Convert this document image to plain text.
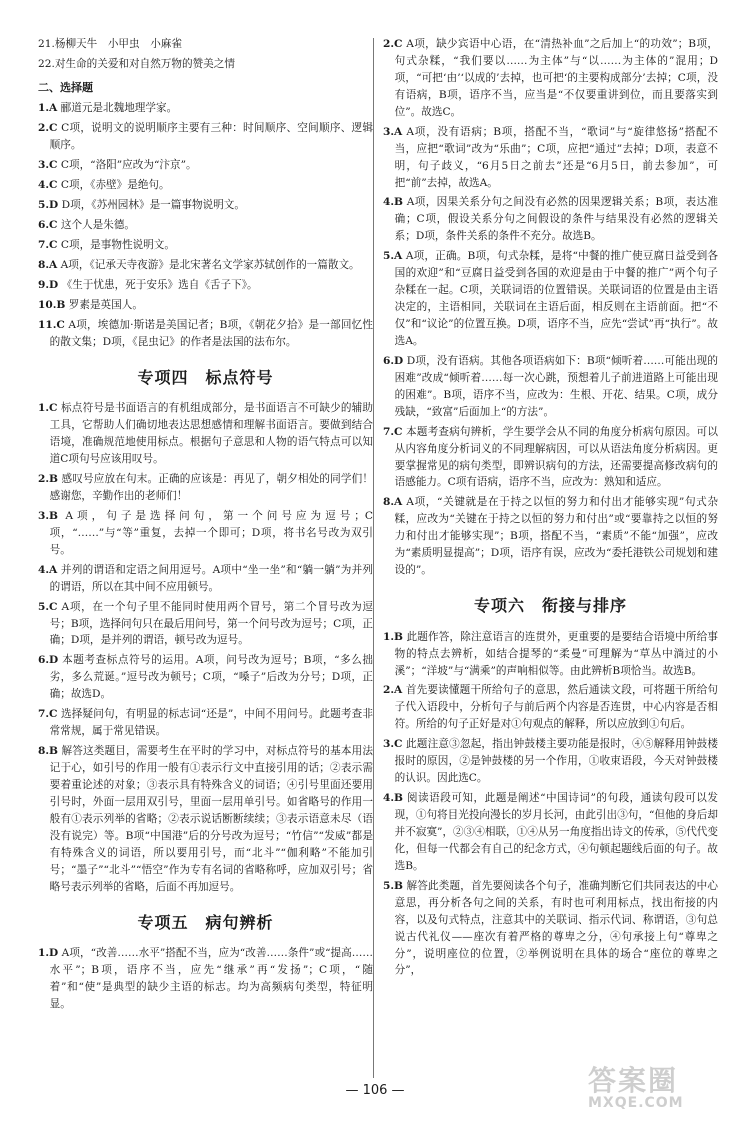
21.杨柳天牛　小甲虫　小麻雀

22.对生命的关爱和对自然万物的赞美之情

二、选择题

1.A 郦道元是北魏地理学家。

2.C C项，说明文的说明顺序主要有三种：时间顺序、空间顺序、逻辑顺序。

3.C C项，“洛阳”应改为“汴京”。

4.C C项，《赤壁》是绝句。

5.D D项，《苏州园林》是一篇事物说明文。

6.C 这个人是朱德。

7.C C项，是事物性说明文。

8.A A项，《记承天寺夜游》是北宋著名文学家苏轼创作的一篇散文。

9.D 《生于忧患，死于安乐》选自《舌子下》。

10.B 罗素是英国人。

11.C A项，埃德加·斯诺是美国记者；B项，《朝花夕拾》是一部回忆性的散文集；D项，《昆虫记》的作者是法国的法布尔。

专项四　标点符号

1.C 标点符号是书面语言的有机组成部分，是书面语言不可缺少的辅助工具，它帮助人们确切地表达思想感情和理解书面语言。要做到结合语境，准确规范地使用标点。根据句子意思和人物的语气特点可以知道C项句号应该用叹号。

2.B 感叹号应放在句末。正确的应该是：再见了，朝夕相处的同学们！感谢您，辛勤作出的老师们！

3.B A项，句子是选择问句，第一个问号应为逗号；C项，“……”与“等”重复，去掉一个即可；D项，将书名号改为双引号。

4.A 并列的谓语和定语之间用逗号。A项中“坐一坐”和“躺一躺”为并列的谓语，所以在其中间不应用顿号。

5.C A项，在一个句子里不能同时使用两个冒号，第二个冒号改为逗号；B项，选择问句只在最后用问号，第一个问号改为逗号；C项，正确；D项，是并列的谓语，顿号改为逗号。

6.D 本题考查标点符号的运用。A项，问号改为逗号；B项，“多么拙劣，多么荒诞。”逗号改为顿号；C项，“嗓子”后改为分号；D项，正确；故选D。

7.C 选择疑问句，有明显的标志词“还是”，中间不用问号。此题考查非常常规，属于常见错误。

8.B 解答这类题目，需要考生在平时的学习中，对标点符号的基本用法记于心，如引号的作用一般有①表示行文中直接引用的话；②表示需要着重论述的对象；③表示具有特殊含义的词语；④引号里面还要用引号时，外面一层用双引号，里面一层用单引号。如省略号的作用一般有①表示列举的省略；②表示说话断断续续；③表示语意未尽（语没有说完）等。B项“中国港”后的分号改为逗号；“竹信”“发威”都是有特殊含义的词语，所以要用引号，而“北斗”“伽利略”不能加引号；“墨子”“北斗”“悟空”作为专有名词的省略称呼，应加双引号；省略号表示列举的省略，后面不再加逗号。

专项五　病句辨析

1.D A项，“改善……水平”搭配不当，应为“改善……条件”或“提高……水平”；B项，语序不当，应先“继承”再“发扬”；C项，“随着”和“使”是典型的缺少主语的标志。均为高频病句类型，特征明显。

2.C A项，缺少宾语中心语，在“清热补血”之后加上“的功效”；B项，句式杂糅，“我们要以……为主体”与“以……为主体的”混用；D项，“可把‘由’‘以成的’去掉，也可把‘的主要构成部分’去掉；C项，没有语病，B项，语序不当，应当是“不仅要重讲到位，而且要落实到位”。故选C。

3.A A项，没有语病；B项，搭配不当，“歌词”与“旋律悠扬”搭配不当，应把“歌词”改为“乐曲”；C项，应把“通过”去掉；D项，表意不明，句子歧义，“6月5日之前去”还是“6月5日，前去参加”，可把“前”去掉，故选A。

4.B A项，因果关系分句之间没有必然的因果逻辑关系；B项，表达准确；C项，假设关系分句之间假设的条件与结果没有必然的逻辑关系；D项，条件关系的条件不充分。故选B。

5.A A项，正确。B项，句式杂糅，是将“中餐的推广使豆腐日益受到各国的欢迎”和“豆腐日益受到各国的欢迎是由于中餐的推广”两个句子杂糅在一起。C项，关联词语的位置错误。关联词语的位置是由主语决定的，主语相同，关联词在主语后面，相反则在主语前面。把“不仅”和“议论”的位置互换。D项，语序不当，应先“尝试”再“执行”。故选A。

6.D D项，没有语病。其他各项语病如下：B项“倾听着……可能出现的困难”改成“倾听着……每一次心跳，预想着儿子前进道路上可能出现的困难”。B项，语序不当，应改为：生根、开花、结果。C项，成分残缺，“致富”后面加上“的方法”。

7.C 本题考查病句辨析，学生要学会从不同的角度分析病句原因。可以从内容角度分析词义的不同理解病因，可以从语法角度分析病因。更要掌握常见的病句类型，即辨识病句的方法，还需要提高修改病句的语感能力。C项有语病，语序不当，应改为：熟知和适应。

8.A A项，“关键就是在于持之以恒的努力和付出才能够实现”句式杂糅，应改为“关键在于持之以恒的努力和付出”或“要靠持之以恒的努力和付出才能够实现”；B项，搭配不当，“素质”不能“加强”，应改为“素质明显提高”；D项，语序有误，应改为“委托港铁公司规划和建设的”。

专项六　衔接与排序

1.B 此题作答，除注意语言的连贯外，更重要的是要结合语境中所给事物的特点去辨析，如结合提琴的“柔曼”可理解为“草丛中淌过的小溪”；“洋坡”与“满乘”的声响相似等。由此辨析B项恰当。故选B。

2.A 首先要读懂题干所给句子的意思，然后通读文段，可将题干所给句子代入语段中，分析句子与前后两个内容是否连贯，中心内容是否相符。所给的句子正好是对①句观点的解释，所以应放到①句后。

3.C 此题注意③忽起，指出钟鼓楼主要功能是报时，④⑤解释用钟鼓楼报时的原因，②是钟鼓楼的另一个作用，①收束语段，今天对钟鼓楼的认识。因此选C。

4.B 阅读语段可知，此题是阐述“中国诗词”的句段，通读句段可以发现，①句将目光投向漫长的岁月长河，由此引出③句，“但他的身后却并不寂寞”，②③④相联，①④从另一角度指出诗文的传承，⑤代代变化，但每一代都会有自己的纪念方式，④句顿起题线后面的句子。故选B。

5.B 解答此类题，首先要阅读各个句子，准确判断它们共同表达的中心意思，再分析各句之间的关系，有时也可利用标点，找出衔接的内容，以及句式特点，注意其中的关联词、指示代词、称谓语，③句总说古代礼仪——座次有着严格的尊卑之分，④句承接上句“尊卑之分”，说明座位的位置，②举例说明在具体的场合“座位的尊卑之分”，

— 106 —	答案圈
MXQE.COM
